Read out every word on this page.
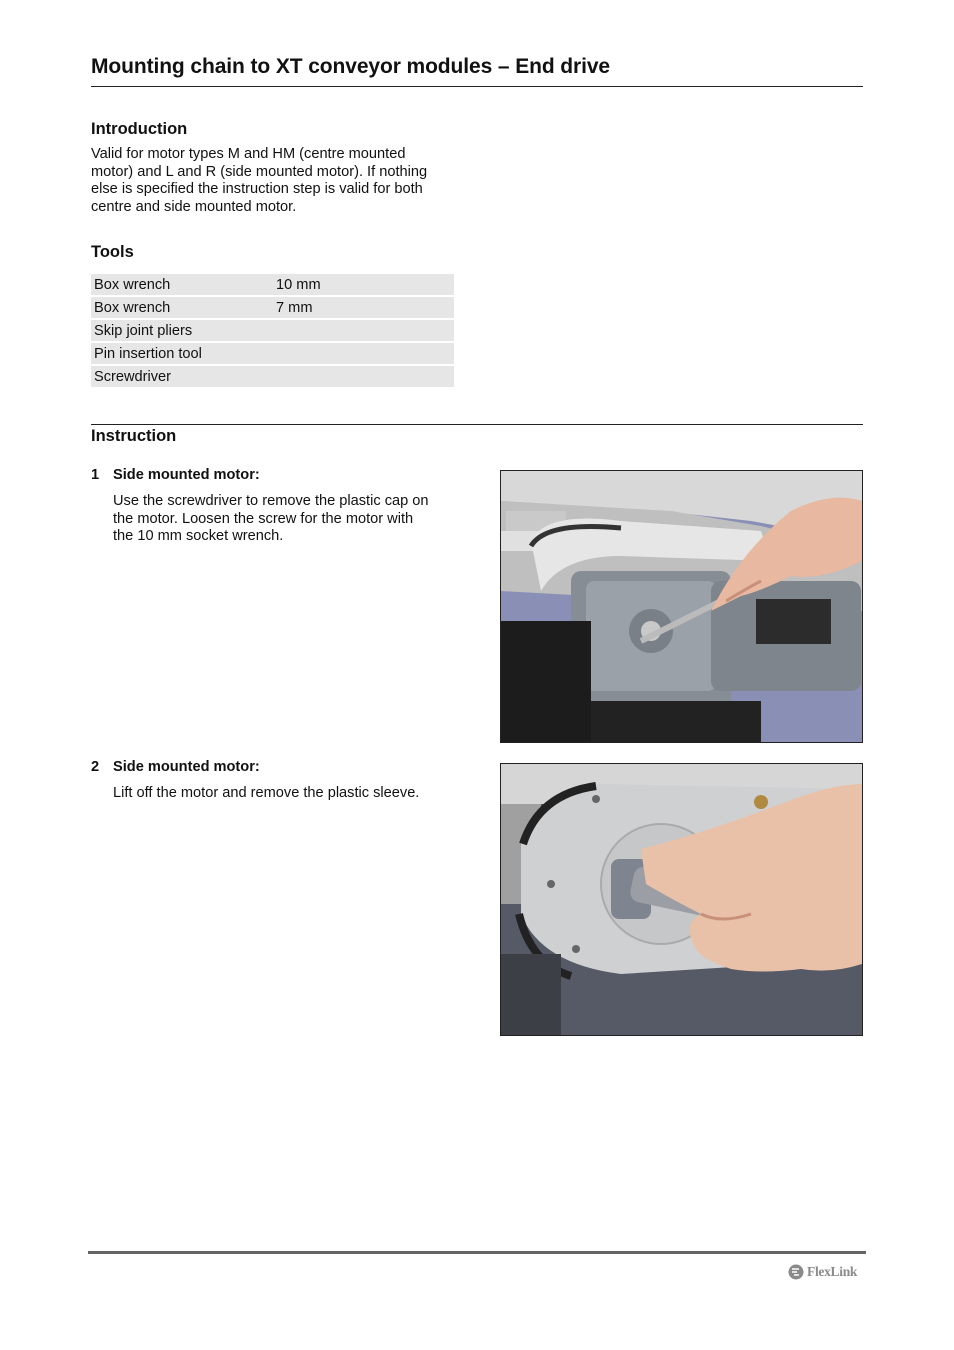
Mounting chain to XT conveyor modules – End drive
Introduction
Valid for motor types M and HM (centre mounted
motor) and L and R (side mounted motor). If nothing
else is specified the instruction step is valid for both
centre and side mounted motor.
Tools
Box wrench	10 mm
Box wrench	7 mm
Skip joint pliers	
Pin insertion tool	
Screwdriver	
Instruction
1 Side mounted motor:
Use the screwdriver to remove the plastic cap on
the motor. Loosen the screw for the motor with
the 10 mm socket wrench.
2 Side mounted motor:
Lift off the motor and remove the plastic sleeve.
FlexLink
